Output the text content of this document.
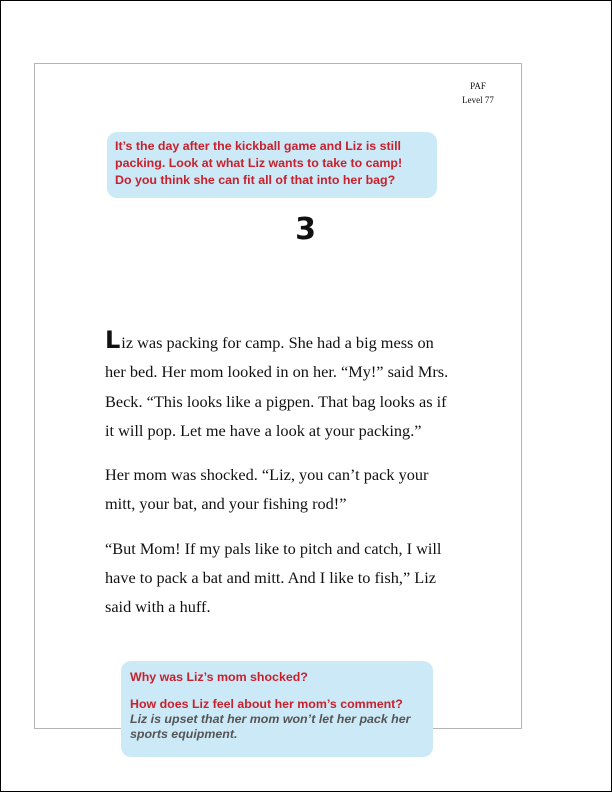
PAF
Level 77
It’s the day after the kickball game and Liz is still
packing. Look at what Liz wants to take to camp!
Do you think she can fit all of that into her bag?
3

Liz was packing for camp. She had a big mess on her bed. Her mom looked in on her. “My!” said Mrs. Beck. “This looks like a pigpen. That bag looks as if it will pop. Let me have a look at your packing.”

Her mom was shocked. “Liz, you can’t pack your mitt, your bat, and your fishing rod!”

“But Mom! If my pals like to pitch and catch, I will have to pack a bat and mitt. And I like to fish,” Liz said with a huff.

Why was Liz’s mom shocked?
How does Liz feel about her mom’s comment?
Liz is upset that her mom won’t let her pack her
sports equipment.
